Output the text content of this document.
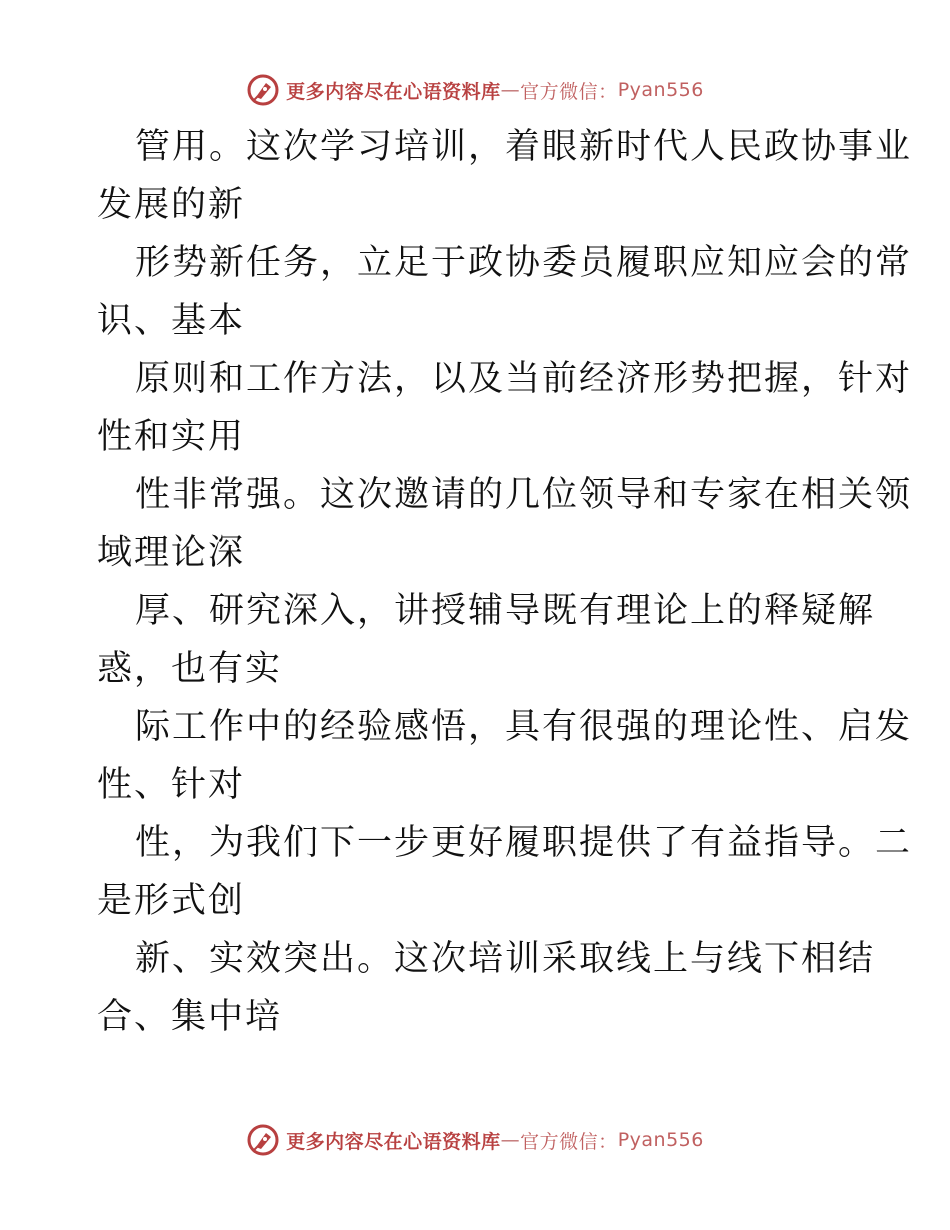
更多内容尽在心语资料库 — 官方微信： Pyan556

管用。这次学习培训，着眼新时代人民政协事业

发展的新

形势新任务，立足于政协委员履职应知应会的常

识、基本

原则和工作方法，以及当前经济形势把握，针对

性和实用

性非常强。这次邀请的几位领导和专家在相关领

域理论深

厚、研究深入，讲授辅导既有理论上的释疑解

惑，也有实

际工作中的经验感悟，具有很强的理论性、启发

性、针对

性，为我们下一步更好履职提供了有益指导。二

是形式创

新、实效突出。这次培训采取线上与线下相结

合、集中培

更多内容尽在心语资料库 — 官方微信： Pyan556
